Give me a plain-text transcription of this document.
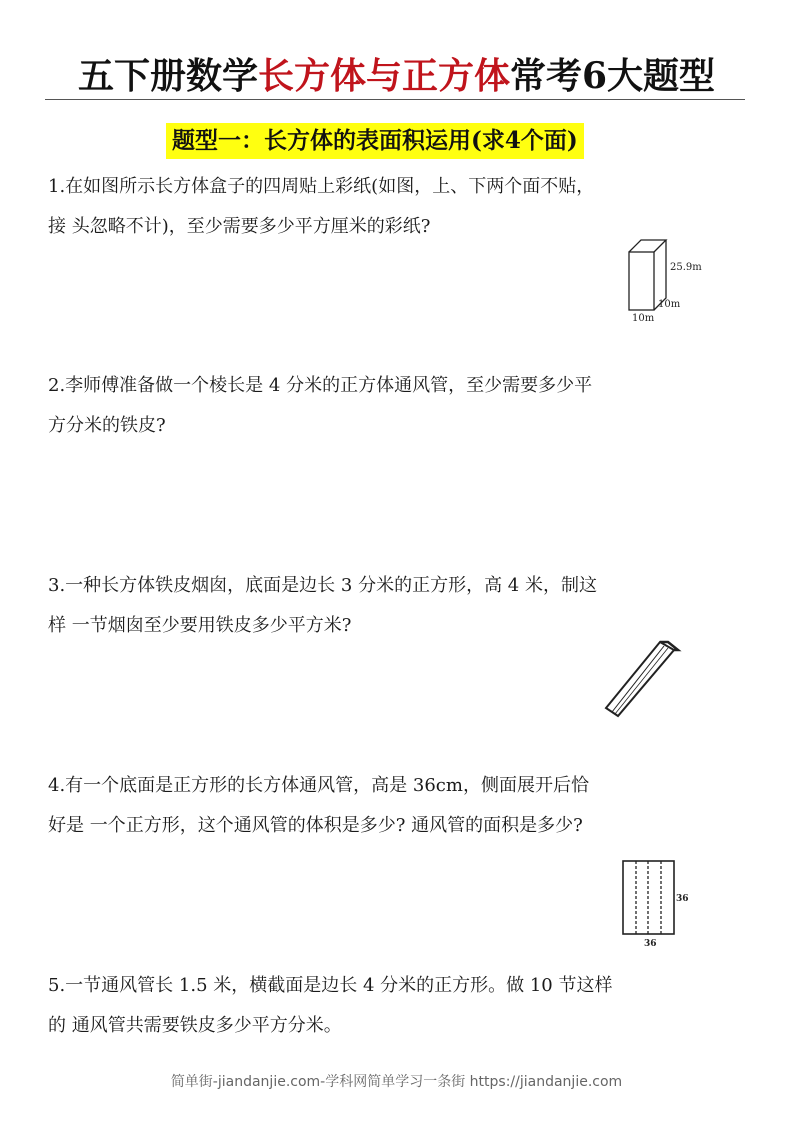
五下册数学长方体与正方体常考6大题型
题型一：长方体的表面积运用(求4个面)

1.在如图所示长方体盒子的四周贴上彩纸(如图，上、下两个面不贴，

接 头忽略不计)，至少需要多少平方厘米的彩纸?

25.9m
10m
10m

2.李师傅准备做一个棱长是 4 分米的正方体通风管，至少需要多少平

方分米的铁皮?

3.一种长方体铁皮烟囱，底面是边长 3 分米的正方形，高 4 米，制这

样 一节烟囱至少要用铁皮多少平方米?

4.有一个底面是正方形的长方体通风管，高是 36cm，侧面展开后恰

好是 一个正方形，这个通风管的体积是多少? 通风管的面积是多少?

36
36

5.一节通风管长 1.5 米，横截面是边长 4 分米的正方形。做 10 节这样

的 通风管共需要铁皮多少平方分米。

简单街-jiandanjie.com-学科网简单学习一条街 https://jiandanjie.com
